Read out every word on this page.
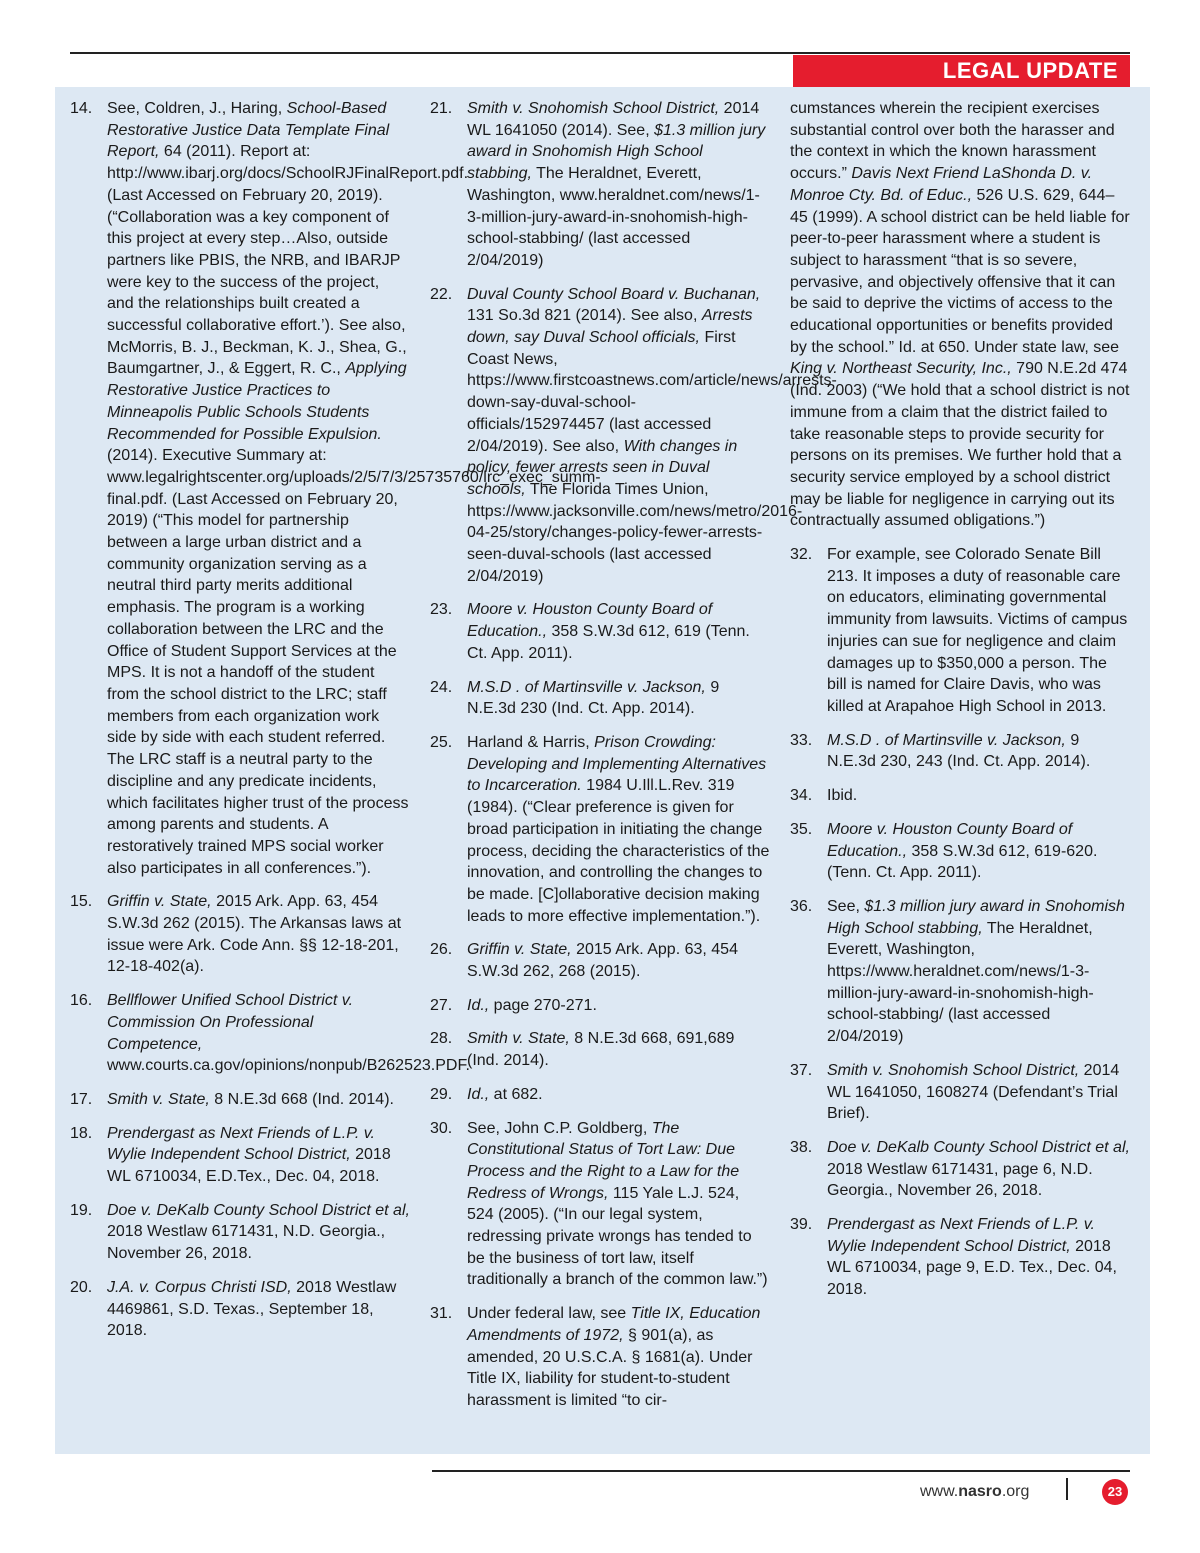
LEGAL UPDATE
14. See, Coldren, J., Haring, School-Based Restorative Justice Data Template Final Report, 64 (2011). Report at: http://www.ibarj.org/docs/SchoolRJFinalReport.pdf. (Last Accessed on February 20, 2019). (“Collaboration was a key component of this project at every step…Also, outside partners like PBIS, the NRB, and IBARJP were key to the success of the project, and the relationships built created a successful collaborative effort.’). See also, McMorris, B. J., Beckman, K. J., Shea, G., Baumgartner, J., & Eggert, R. C., Applying Restorative Justice Practices to Minneapolis Public Schools Students Recommended for Possible Expulsion. (2014). Executive Summary at: www.legalrightscenter.org/uploads/2/5/7/3/25735760/lrc_exec_summ-final.pdf. (Last Accessed on February 20, 2019) (“This model for partnership between a large urban district and a community organization serving as a neutral third party merits additional emphasis. The program is a working collaboration between the LRC and the Office of Student Support Services at the MPS. It is not a handoff of the student from the school district to the LRC; staff members from each organization work side by side with each student referred. The LRC staff is a neutral party to the discipline and any predicate incidents, which facilitates higher trust of the process among parents and students. A restoratively trained MPS social worker also participates in all conferences.”).
15. Griffin v. State, 2015 Ark. App. 63, 454 S.W.3d 262 (2015). The Arkansas laws at issue were Ark. Code Ann. §§ 12-18-201, 12-18-402(a).
16. Bellflower Unified School District v. Commission On Professional Competence, www.courts.ca.gov/opinions/nonpub/B262523.PDF.
17. Smith v. State, 8 N.E.3d 668 (Ind. 2014).
18. Prendergast as Next Friends of L.P. v. Wylie Independent School District, 2018 WL 6710034, E.D.Tex., Dec. 04, 2018.
19. Doe v. DeKalb County School District et al, 2018 Westlaw 6171431, N.D. Georgia., November 26, 2018.
20. J.A. v. Corpus Christi ISD, 2018 Westlaw 4469861, S.D. Texas., September 18, 2018.
21. Smith v. Snohomish School District, 2014 WL 1641050 (2014). See, $1.3 million jury award in Snohomish High School stabbing, The Heraldnet, Everett, Washington, www.heraldnet.com/news/1-3-million-jury-award-in-snohomish-high-school-stabbing/ (last accessed 2/04/2019)
22. Duval County School Board v. Buchanan, 131 So.3d 821 (2014). See also, Arrests down, say Duval School officials, First Coast News, https://www.firstcoastnews.com/article/news/arrests-down-say-duval-school-officials/152974457 (last accessed 2/04/2019). See also, With changes in policy, fewer arrests seen in Duval schools, The Florida Times Union, https://www.jacksonville.com/news/metro/2016-04-25/story/changes-policy-fewer-arrests-seen-duval-schools (last accessed 2/04/2019)
23. Moore v. Houston County Board of Education., 358 S.W.3d 612, 619 (Tenn. Ct. App. 2011).
24. M.S.D . of Martinsville v. Jackson, 9 N.E.3d 230 (Ind. Ct. App. 2014).
25. Harland & Harris, Prison Crowding: Developing and Implementing Alternatives to Incarceration. 1984 U.Ill.L.Rev. 319 (1984). (“Clear preference is given for broad participation in initiating the change process, deciding the characteristics of the innovation, and controlling the changes to be made. [C]ollaborative decision making leads to more effective implementation.”).
26. Griffin v. State, 2015 Ark. App. 63, 454 S.W.3d 262, 268 (2015).
27. Id., page 270-271.
28. Smith v. State, 8 N.E.3d 668, 691,689 (Ind. 2014).
29. Id., at 682.
30. See, John C.P. Goldberg, The Constitutional Status of Tort Law: Due Process and the Right to a Law for the Redress of Wrongs, 115 Yale L.J. 524, 524 (2005). (“In our legal system, redressing private wrongs has tended to be the business of tort law, itself traditionally a branch of the common law.”)
31. Under federal law, see Title IX, Education Amendments of 1972, § 901(a), as amended, 20 U.S.C.A. § 1681(a). Under Title IX, liability for student-to-student harassment is limited “to cir-
cumstances wherein the recipient exercises substantial control over both the harasser and the context in which the known harassment occurs.” Davis Next Friend LaShonda D. v. Monroe Cty. Bd. of Educ., 526 U.S. 629, 644–45 (1999). A school district can be held liable for peer-to-peer harassment where a student is subject to harassment “that is so severe, pervasive, and objectively offensive that it can be said to deprive the victims of access to the educational opportunities or benefits provided by the school.” Id. at 650. Under state law, see King v. Northeast Security, Inc., 790 N.E.2d 474 (Ind. 2003) (“We hold that a school district is not immune from a claim that the district failed to take reasonable steps to provide security for persons on its premises. We further hold that a security service employed by a school district may be liable for negligence in carrying out its contractually assumed obligations.”)
32. For example, see Colorado Senate Bill 213. It imposes a duty of reasonable care on educators, eliminating governmental immunity from lawsuits. Victims of campus injuries can sue for negligence and claim damages up to $350,000 a person. The bill is named for Claire Davis, who was killed at Arapahoe High School in 2013.
33. M.S.D . of Martinsville v. Jackson, 9 N.E.3d 230, 243 (Ind. Ct. App. 2014).
34. Ibid.
35. Moore v. Houston County Board of Education., 358 S.W.3d 612, 619-620. (Tenn. Ct. App. 2011).
36. See, $1.3 million jury award in Snohomish High School stabbing, The Heraldnet, Everett, Washington, https://www.heraldnet.com/news/1-3-million-jury-award-in-snohomish-high-school-stabbing/ (last accessed 2/04/2019)
37. Smith v. Snohomish School District, 2014 WL 1641050, 1608274 (Defendant’s Trial Brief).
38. Doe v. DeKalb County School District et al, 2018 Westlaw 6171431, page 6, N.D. Georgia., November 26, 2018.
39. Prendergast as Next Friends of L.P. v. Wylie Independent School District, 2018 WL 6710034, page 9, E.D. Tex., Dec. 04, 2018.
www.nasro.org	23
